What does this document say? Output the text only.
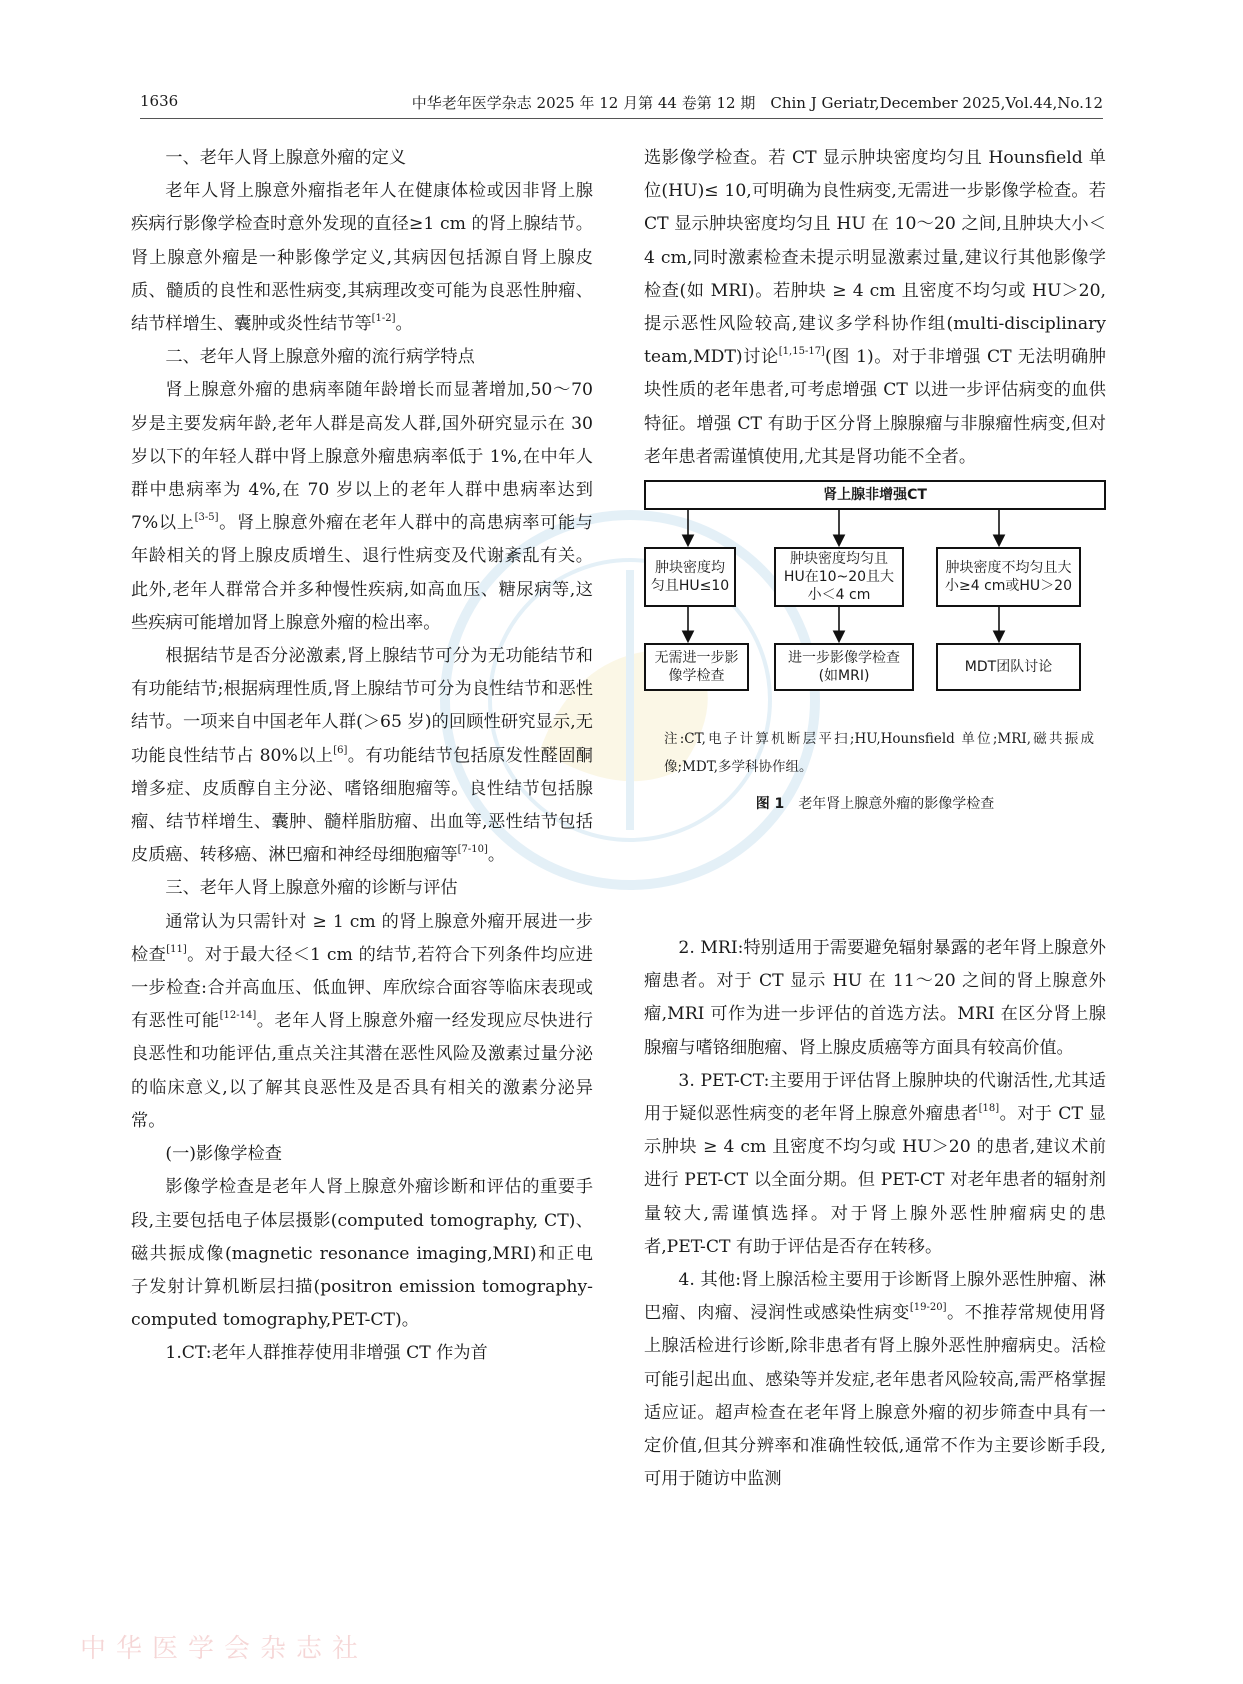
1636	中华老年医学杂志 2025 年 12 月第 44 卷第 12 期　Chin J Geriatr,December 2025,Vol.44,No.12
一、老年人肾上腺意外瘤的定义

老年人肾上腺意外瘤指老年人在健康体检或因非肾上腺疾病行影像学检查时意外发现的直径≥1 cm 的肾上腺结节。肾上腺意外瘤是一种影像学定义,其病因包括源自肾上腺皮质、髓质的良性和恶性病变,其病理改变可能为良恶性肿瘤、结节样增生、囊肿或炎性结节等[1-2]。

二、老年人肾上腺意外瘤的流行病学特点

肾上腺意外瘤的患病率随年龄增长而显著增加,50～70 岁是主要发病年龄,老年人群是高发人群,国外研究显示在 30 岁以下的年轻人群中肾上腺意外瘤患病率低于 1%,在中年人群中患病率为 4%,在 70 岁以上的老年人群中患病率达到 7%以上[3-5]。肾上腺意外瘤在老年人群中的高患病率可能与年龄相关的肾上腺皮质增生、退行性病变及代谢紊乱有关。此外,老年人群常合并多种慢性疾病,如高血压、糖尿病等,这些疾病可能增加肾上腺意外瘤的检出率。

根据结节是否分泌激素,肾上腺结节可分为无功能结节和有功能结节;根据病理性质,肾上腺结节可分为良性结节和恶性结节。一项来自中国老年人群(＞65 岁)的回顾性研究显示,无功能良性结节占 80%以上[6]。有功能结节包括原发性醛固酮增多症、皮质醇自主分泌、嗜铬细胞瘤等。良性结节包括腺瘤、结节样增生、囊肿、髓样脂肪瘤、出血等,恶性结节包括皮质癌、转移癌、淋巴瘤和神经母细胞瘤等[7-10]。

三、老年人肾上腺意外瘤的诊断与评估

通常认为只需针对 ≥ 1 cm 的肾上腺意外瘤开展进一步检查[11]。对于最大径＜1 cm 的结节,若符合下列条件均应进一步检查:合并高血压、低血钾、库欣综合面容等临床表现或有恶性可能[12-14]。老年人肾上腺意外瘤一经发现应尽快进行良恶性和功能评估,重点关注其潜在恶性风险及激素过量分泌的临床意义,以了解其良恶性及是否具有相关的激素分泌异常。

(一)影像学检查

影像学检查是老年人肾上腺意外瘤诊断和评估的重要手段,主要包括电子体层摄影(computed tomography, CT)、磁共振成像(magnetic resonance imaging,MRI)和正电子发射计算机断层扫描(positron emission tomography-computed tomography,PET-CT)。

1.CT:老年人群推荐使用非增强 CT 作为首

选影像学检查。若 CT 显示肿块密度均匀且 Hounsfield 单位(HU)≤ 10,可明确为良性病变,无需进一步影像学检查。若 CT 显示肿块密度均匀且 HU 在 10～20 之间,且肿块大小＜4 cm,同时激素检查未提示明显激素过量,建议行其他影像学检查(如 MRI)。若肿块 ≥ 4 cm 且密度不均匀或 HU＞20,提示恶性风险较高,建议多学科协作组(multi-disciplinary team,MDT)讨论[1,15-17](图 1)。对于非增强 CT 无法明确肿块性质的老年患者,可考虑增强 CT 以进一步评估病变的血供特征。增强 CT 有助于区分肾上腺腺瘤与非腺瘤性病变,但对老年患者需谨慎使用,尤其是肾功能不全者。

肾上腺非增强CT
肿块密度均匀且HU≤10
肿块密度均匀且HU在10~20且大小＜4 cm
肿块密度不均匀且大小≥4 cm或HU＞20
无需进一步影像学检查
进一步影像学检查(如MRI)
MDT团队讨论
注:CT,电子计算机断层平扫;HU,Hounsfield 单位;MRI,磁共振成像;MDT,多学科协作组。
图 1 老年肾上腺意外瘤的影像学检查

2. MRI:特别适用于需要避免辐射暴露的老年肾上腺意外瘤患者。对于 CT 显示 HU 在 11～20 之间的肾上腺意外瘤,MRI 可作为进一步评估的首选方法。MRI 在区分肾上腺腺瘤与嗜铬细胞瘤、肾上腺皮质癌等方面具有较高价值。

3. PET-CT:主要用于评估肾上腺肿块的代谢活性,尤其适用于疑似恶性病变的老年肾上腺意外瘤患者[18]。对于 CT 显示肿块 ≥ 4 cm 且密度不均匀或 HU＞20 的患者,建议术前进行 PET-CT 以全面分期。但 PET-CT 对老年患者的辐射剂量较大,需谨慎选择。对于肾上腺外恶性肿瘤病史的患者,PET-CT 有助于评估是否存在转移。

4. 其他:肾上腺活检主要用于诊断肾上腺外恶性肿瘤、淋巴瘤、肉瘤、浸润性或感染性病变[19-20]。不推荐常规使用肾上腺活检进行诊断,除非患者有肾上腺外恶性肿瘤病史。活检可能引起出血、感染等并发症,老年患者风险较高,需严格掌握适应证。超声检查在老年肾上腺意外瘤的初步筛查中具有一定价值,但其分辨率和准确性较低,通常不作为主要诊断手段,可用于随访中监测

中华医学会杂志社
